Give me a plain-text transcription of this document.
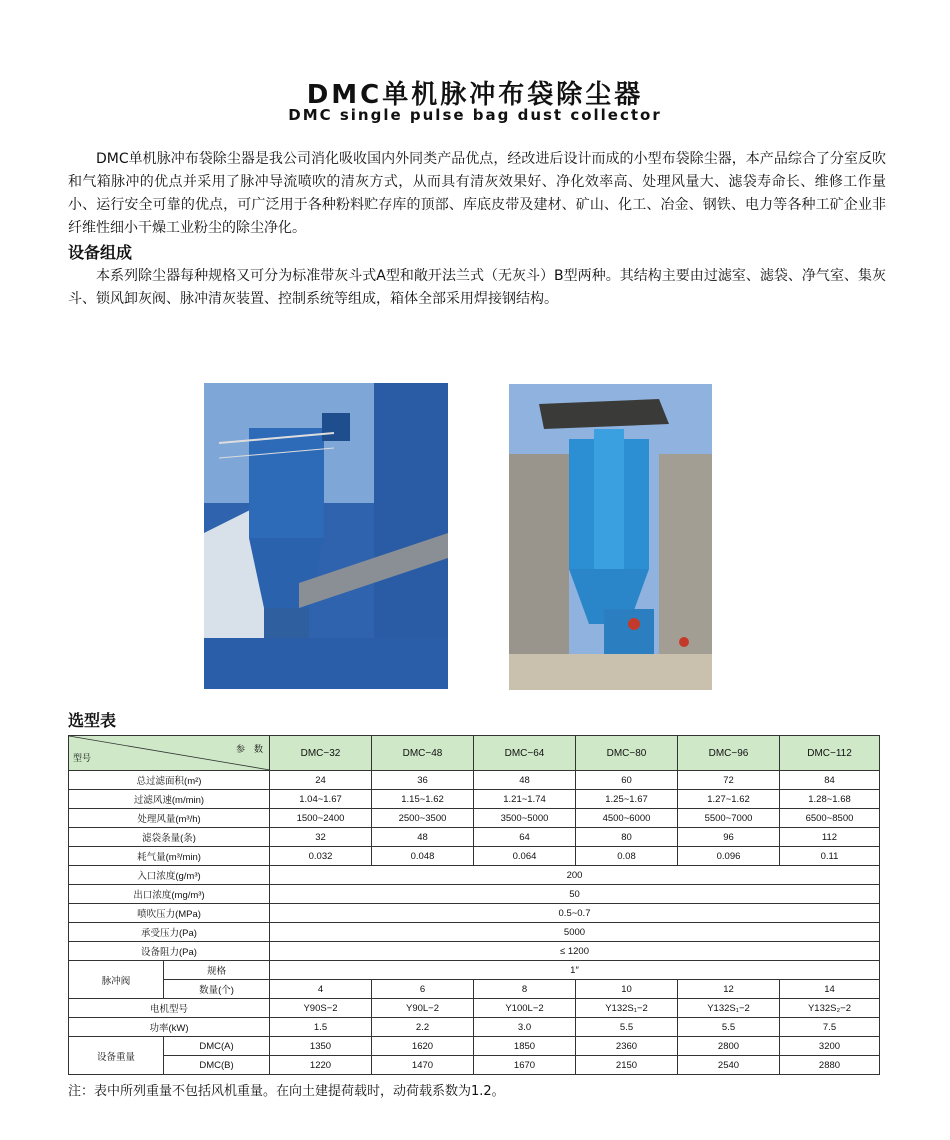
DMC单机脉冲布袋除尘器
DMC single pulse bag dust collector
DMC单机脉冲布袋除尘器是我公司消化吸收国内外同类产品优点，经改进后设计而成的小型布袋除尘器，本产品综合了分室反吹和气箱脉冲的优点并采用了脉冲导流喷吹的清灰方式，从而具有清灰效果好、净化效率高、处理风量大、滤袋寿命长、维修工作量小、运行安全可靠的优点，可广泛用于各种粉料贮存库的顶部、库底皮带及建材、矿山、化工、冶金、钢铁、电力等各种工矿企业非纤维性细小干燥工业粉尘的除尘净化。
设备组成
本系列除尘器每种规格又可分为标准带灰斗式A型和敞开法兰式（无灰斗）B型两种。其结构主要由过滤室、滤袋、净气室、集灰斗、锁风卸灰阀、脉冲清灰装置、控制系统等组成，箱体全部采用焊接钢结构。
选型表
参　数
型号		DMC−32	DMC−48	DMC−64	DMC−80	DMC−96	DMC−112
总过滤面积(m²)		24	36	48	60	72	84
过滤风速(m/min)		1.04~1.67	1.15~1.62	1.21~1.74	1.25~1.67	1.27~1.62	1.28~1.68
处理风量(m³/h)		1500~2400	2500~3500	3500~5000	4500~6000	5500~7000	6500~8500
滤袋条量(条)		32	48	64	80	96	112
耗气量(m³/min)		0.032	0.048	0.064	0.08	0.096	0.11
入口浓度(g/m³)		200					
出口浓度(mg/m³)		50					
喷吹压力(MPa)		0.5~0.7					
承受压力(Pa)		5000					
设备阻力(Pa)		≤ 1200					
脉冲阀	规格	1″					
	数量(个)	4	6	8	10	12	14
电机型号		Y90S−2	Y90L−2	Y100L−2	Y132S₁−2	Y132S₁−2	Y132S₂−2
功率(kW)		1.5	2.2	3.0	5.5	5.5	7.5
设备重量	DMC(A)	1350	1620	1850	2360	2800	3200
	DMC(B)	1220	1470	1670	2150	2540	2880
注：表中所列重量不包括风机重量。在向土建提荷载时，动荷载系数为1.2。
